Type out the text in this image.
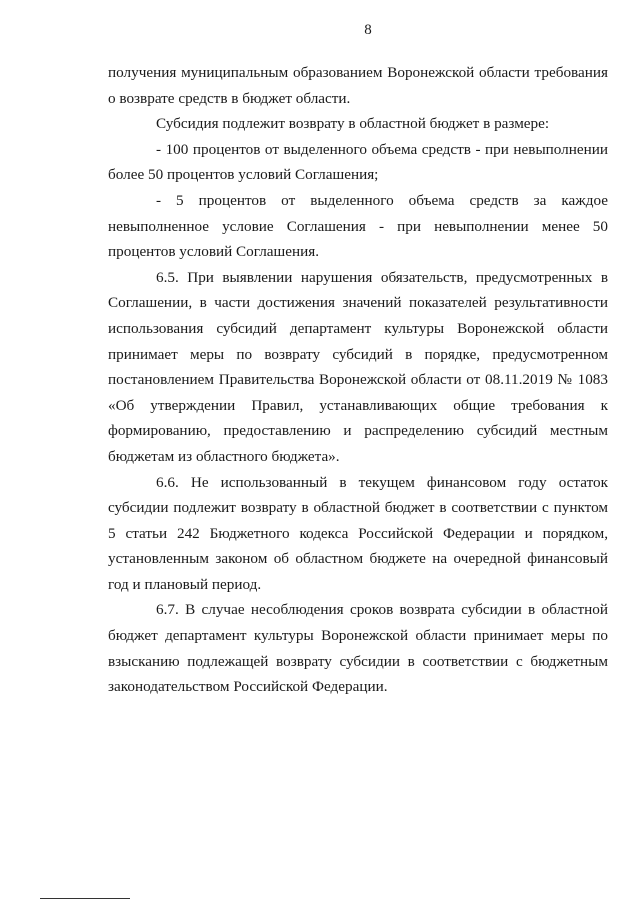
8

получения муниципальным образованием Воронежской области требования о возврате средств в бюджет области.

Субсидия подлежит возврату в областной бюджет в размере:

- 100 процентов от выделенного объема средств - при невыполнении более 50 процентов условий Соглашения;

- 5 процентов от выделенного объема средств за каждое невыполненное условие Соглашения - при невыполнении менее 50 процентов условий Соглашения.

6.5. При выявлении нарушения обязательств, предусмотренных в Соглашении, в части достижения значений показателей результативности использования субсидий департамент культуры Воронежской области принимает меры по возврату субсидий в порядке, предусмотренном постановлением Правительства Воронежской области от 08.11.2019 № 1083 «Об утверждении Правил, устанавливающих общие требования к формированию, предоставлению и распределению субсидий местным бюджетам из областного бюджета».

6.6. Не использованный в текущем финансовом году остаток субсидии подлежит возврату в областной бюджет в соответствии с пунктом 5 статьи 242 Бюджетного кодекса Российской Федерации и порядком, установленным законом об областном бюджете на очередной финансовый год и плановый период.

6.7. В случае несоблюдения сроков возврата субсидии в областной бюджет департамент культуры Воронежской области принимает меры по взысканию подлежащей возврату субсидии в соответствии с бюджетным законодательством Российской Федерации.
